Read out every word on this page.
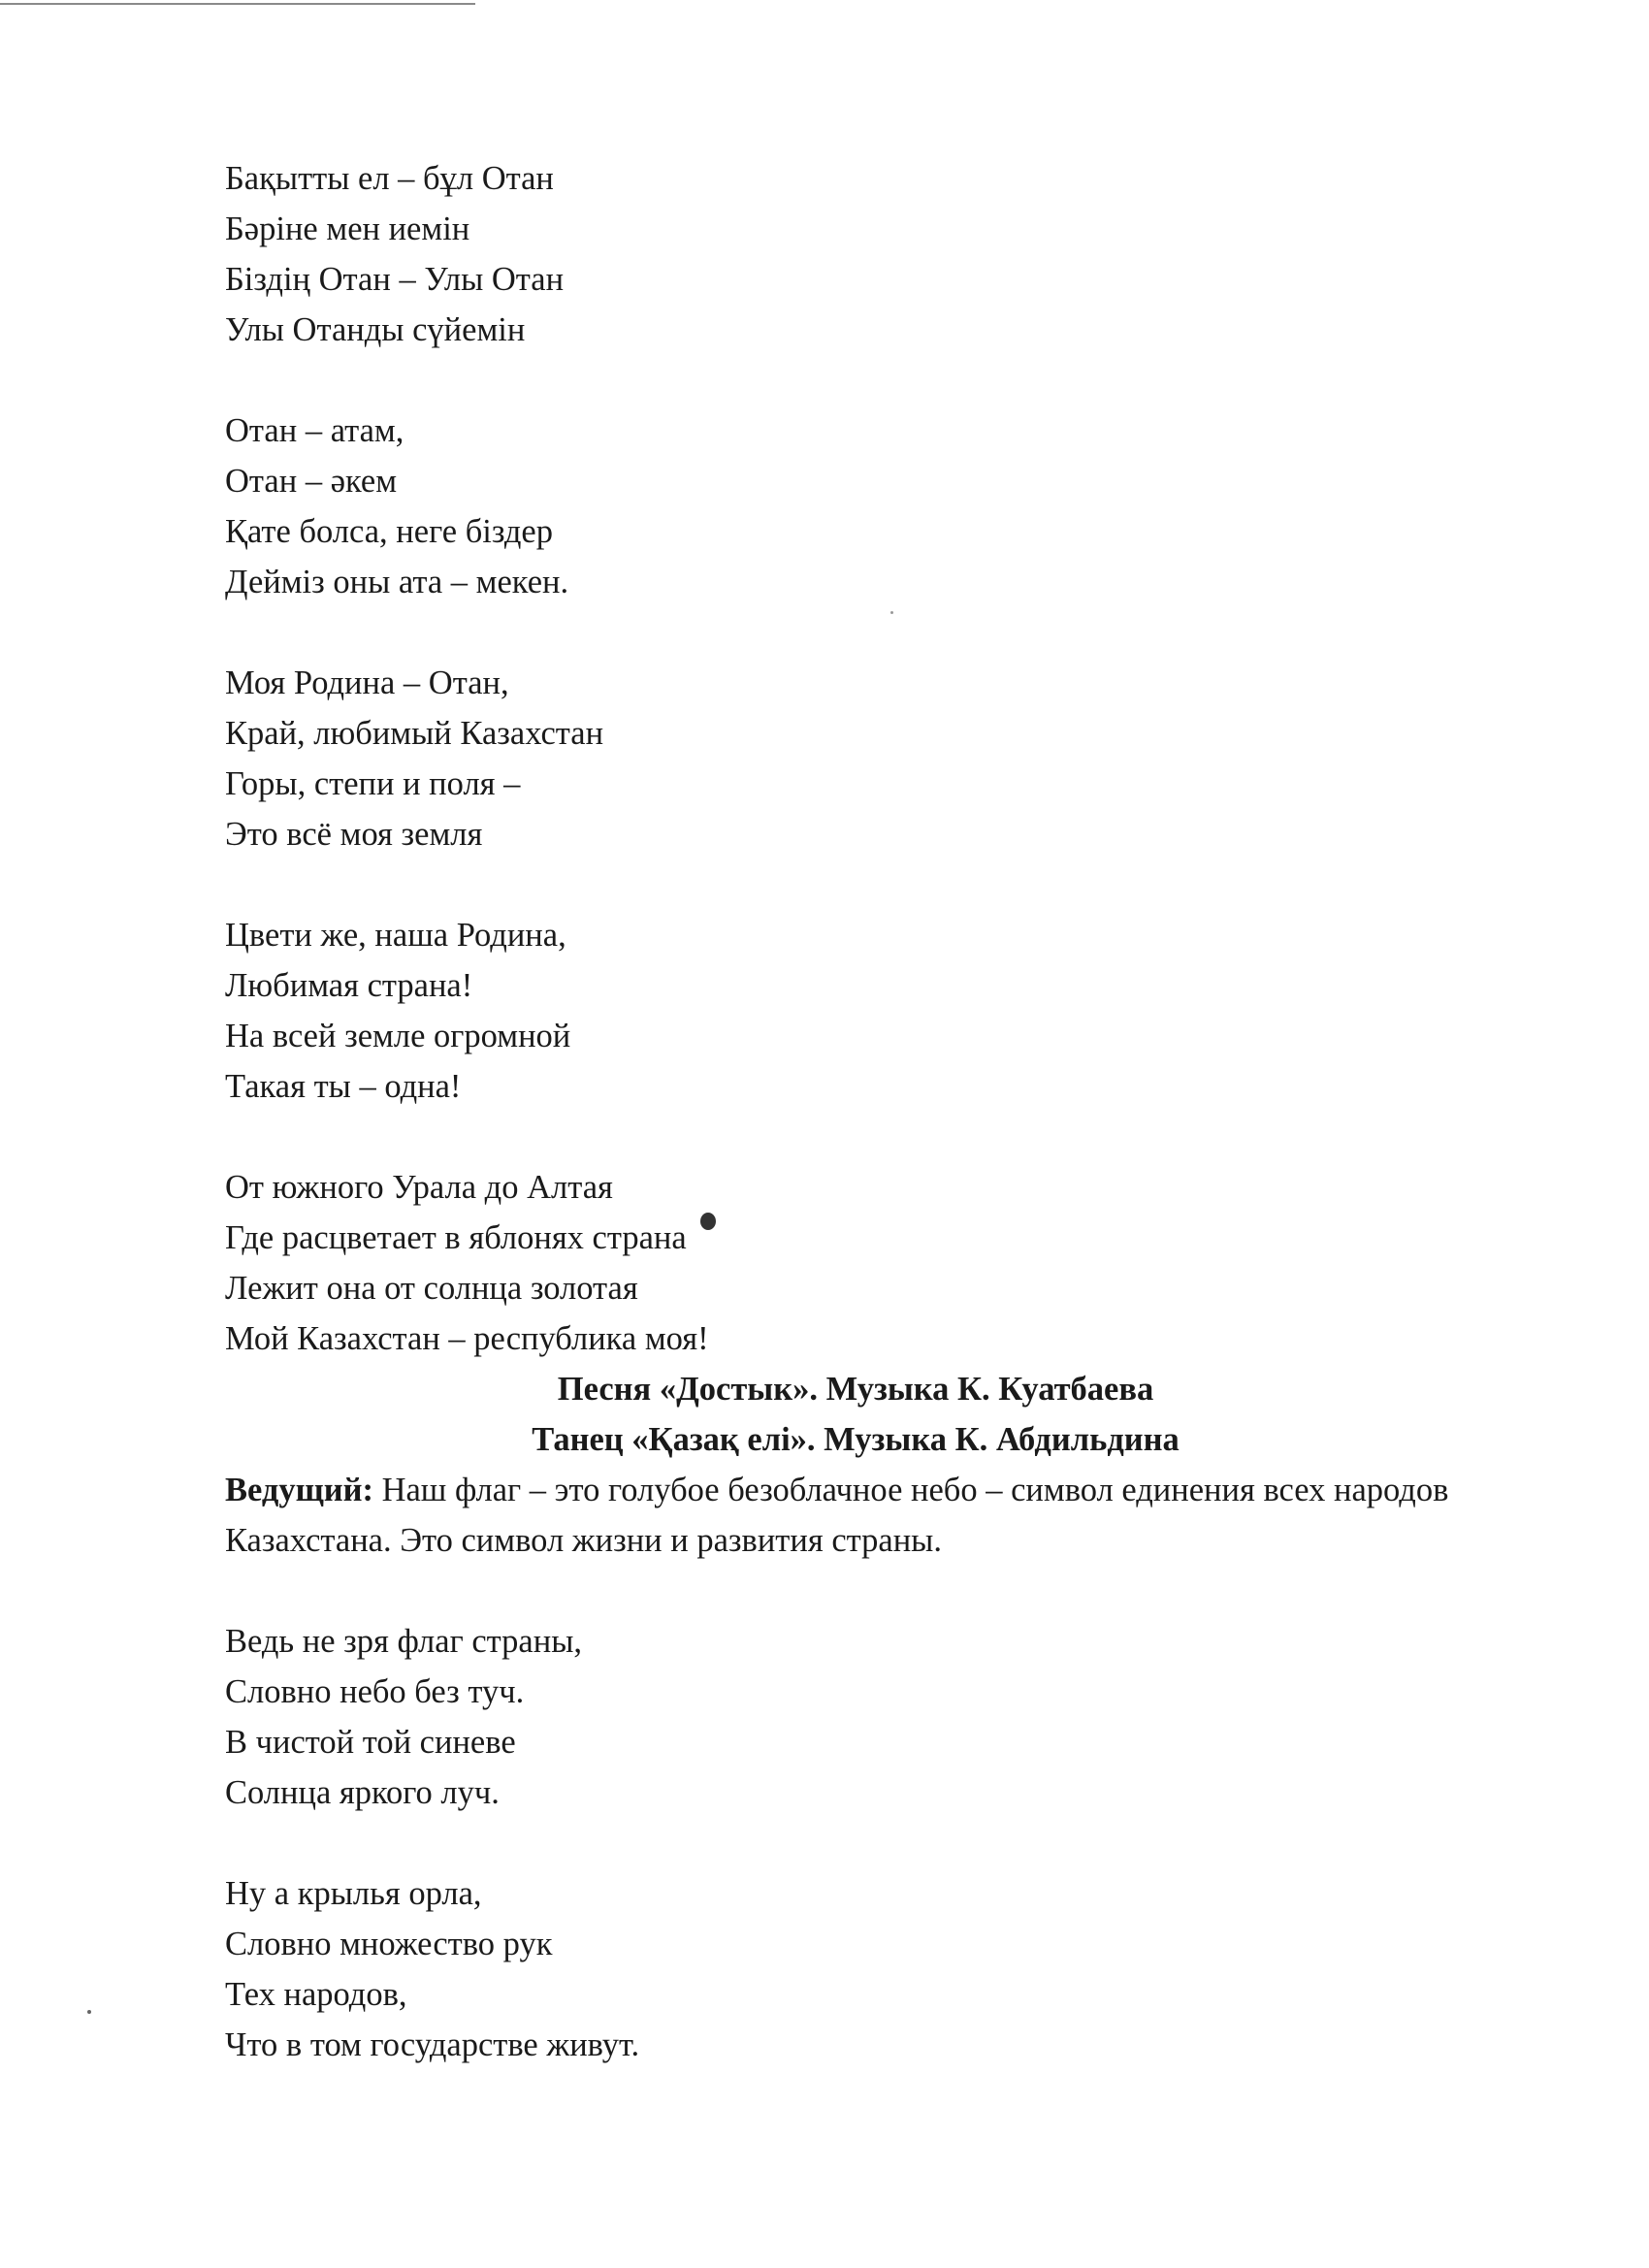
Бақытты ел – бұл Отан
Бәріне мен иемін
Біздің Отан – Улы Отан
Улы Отанды сүйемін
Отан – атам,
Отан – әкем
Қате болса, неге біздер
Дейміз оны ата – мекен.
Моя Родина – Отан,
Край, любимый Казахстан
Горы, степи и поля –
Это всё моя земля
Цвети же, наша Родина,
Любимая страна!
На всей земле огромной
Такая ты – одна!
От южного Урала до Алтая
Где расцветает в яблонях страна
Лежит она от солнца золотая
Мой Казахстан – республика моя!
Песня «Достык». Музыка К. Куатбаева
Танец «Қазақ елі». Музыка К. Абдильдина
Ведущий: Наш флаг – это голубое безоблачное небо – символ единения всех народов Казахстана. Это символ жизни и развития страны.
Ведь не зря флаг страны,
Словно небо без туч.
В чистой той синеве
Солнца яркого луч.
Ну а крылья орла,
Словно множество рук
Тех народов,
Что в том государстве живут.
